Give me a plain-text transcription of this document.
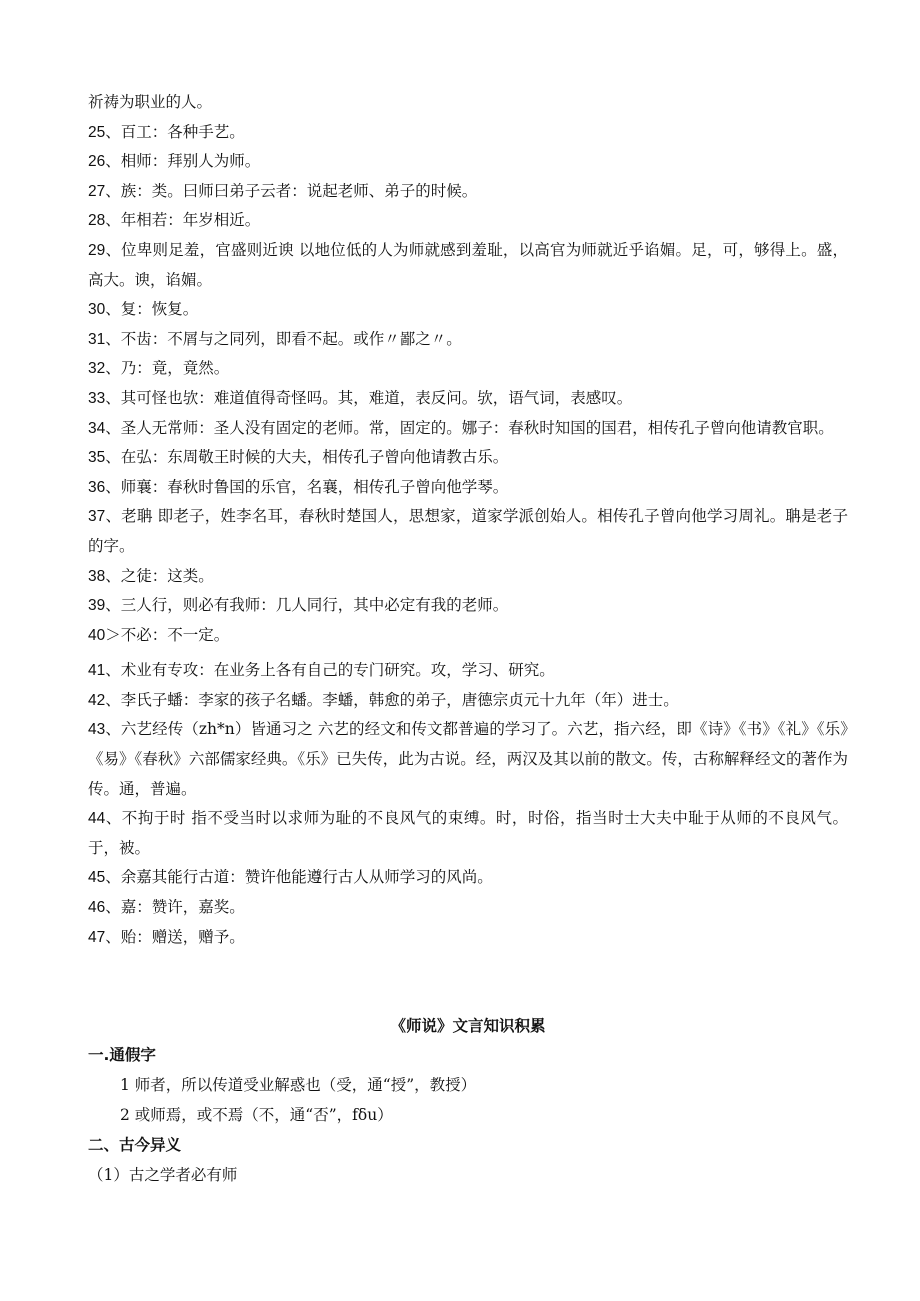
祈祷为职业的人。
25、百工：各种手艺。
26、相师：拜别人为师。
27、族：类。曰师曰弟子云者：说起老师、弟子的时候。
28、年相若：年岁相近。
29、位卑则足羞，官盛则近谀 以地位低的人为师就感到羞耻，以高官为师就近乎谄媚。足，可，够得上。盛，高大。谀，谄媚。
30、复：恢复。
31、不齿：不屑与之同列，即看不起。或作〃鄙之〃。
32、乃：竟，竟然。
33、其可怪也欤：难道值得奇怪吗。其，难道，表反问。欤，语气词，表感叹。
34、圣人无常师：圣人没有固定的老师。常，固定的。娜子：春秋时知国的国君，相传孔子曾向他请教官职。
35、在弘：东周敬王时候的大夫，相传孔子曾向他请教古乐。
36、师襄：春秋时鲁国的乐官，名襄，相传孔子曾向他学琴。
37、老聃 即老子，姓李名耳，春秋时楚国人，思想家，道家学派创始人。相传孔子曾向他学习周礼。聃是老子的字。
38、之徒：这类。
39、三人行，则必有我师：几人同行，其中必定有我的老师。
40＞不必：不一定。
41、术业有专攻：在业务上各有自己的专门研究。攻，学习、研究。
42、李氏子蟠：李家的孩子名蟠。李蟠，韩愈的弟子，唐德宗贞元十九年（年）进士。
43、六艺经传（zh*n）皆通习之 六艺的经文和传文都普遍的学习了。六艺，指六经，即《诗》《书》《礼》《乐》《易》《春秋》六部儒家经典。《乐》已失传，此为古说。经，两汉及其以前的散文。传，古称解释经文的著作为传。通，普遍。
44、不拘于时 指不受当时以求师为耻的不良风气的束缚。时，时俗，指当时士大夫中耻于从师的不良风气。于，被。
45、余嘉其能行古道：赞许他能遵行古人从师学习的风尚。
46、嘉：赞许，嘉奖。
47、贻：赠送，赠予。
《师说》文言知识积累
一.通假字
1 师者，所以传道受业解惑也（受，通“授”，教授）
2 或师焉，或不焉（不，通“否”，fδu）
二、古今异义
（1）古之学者必有师
